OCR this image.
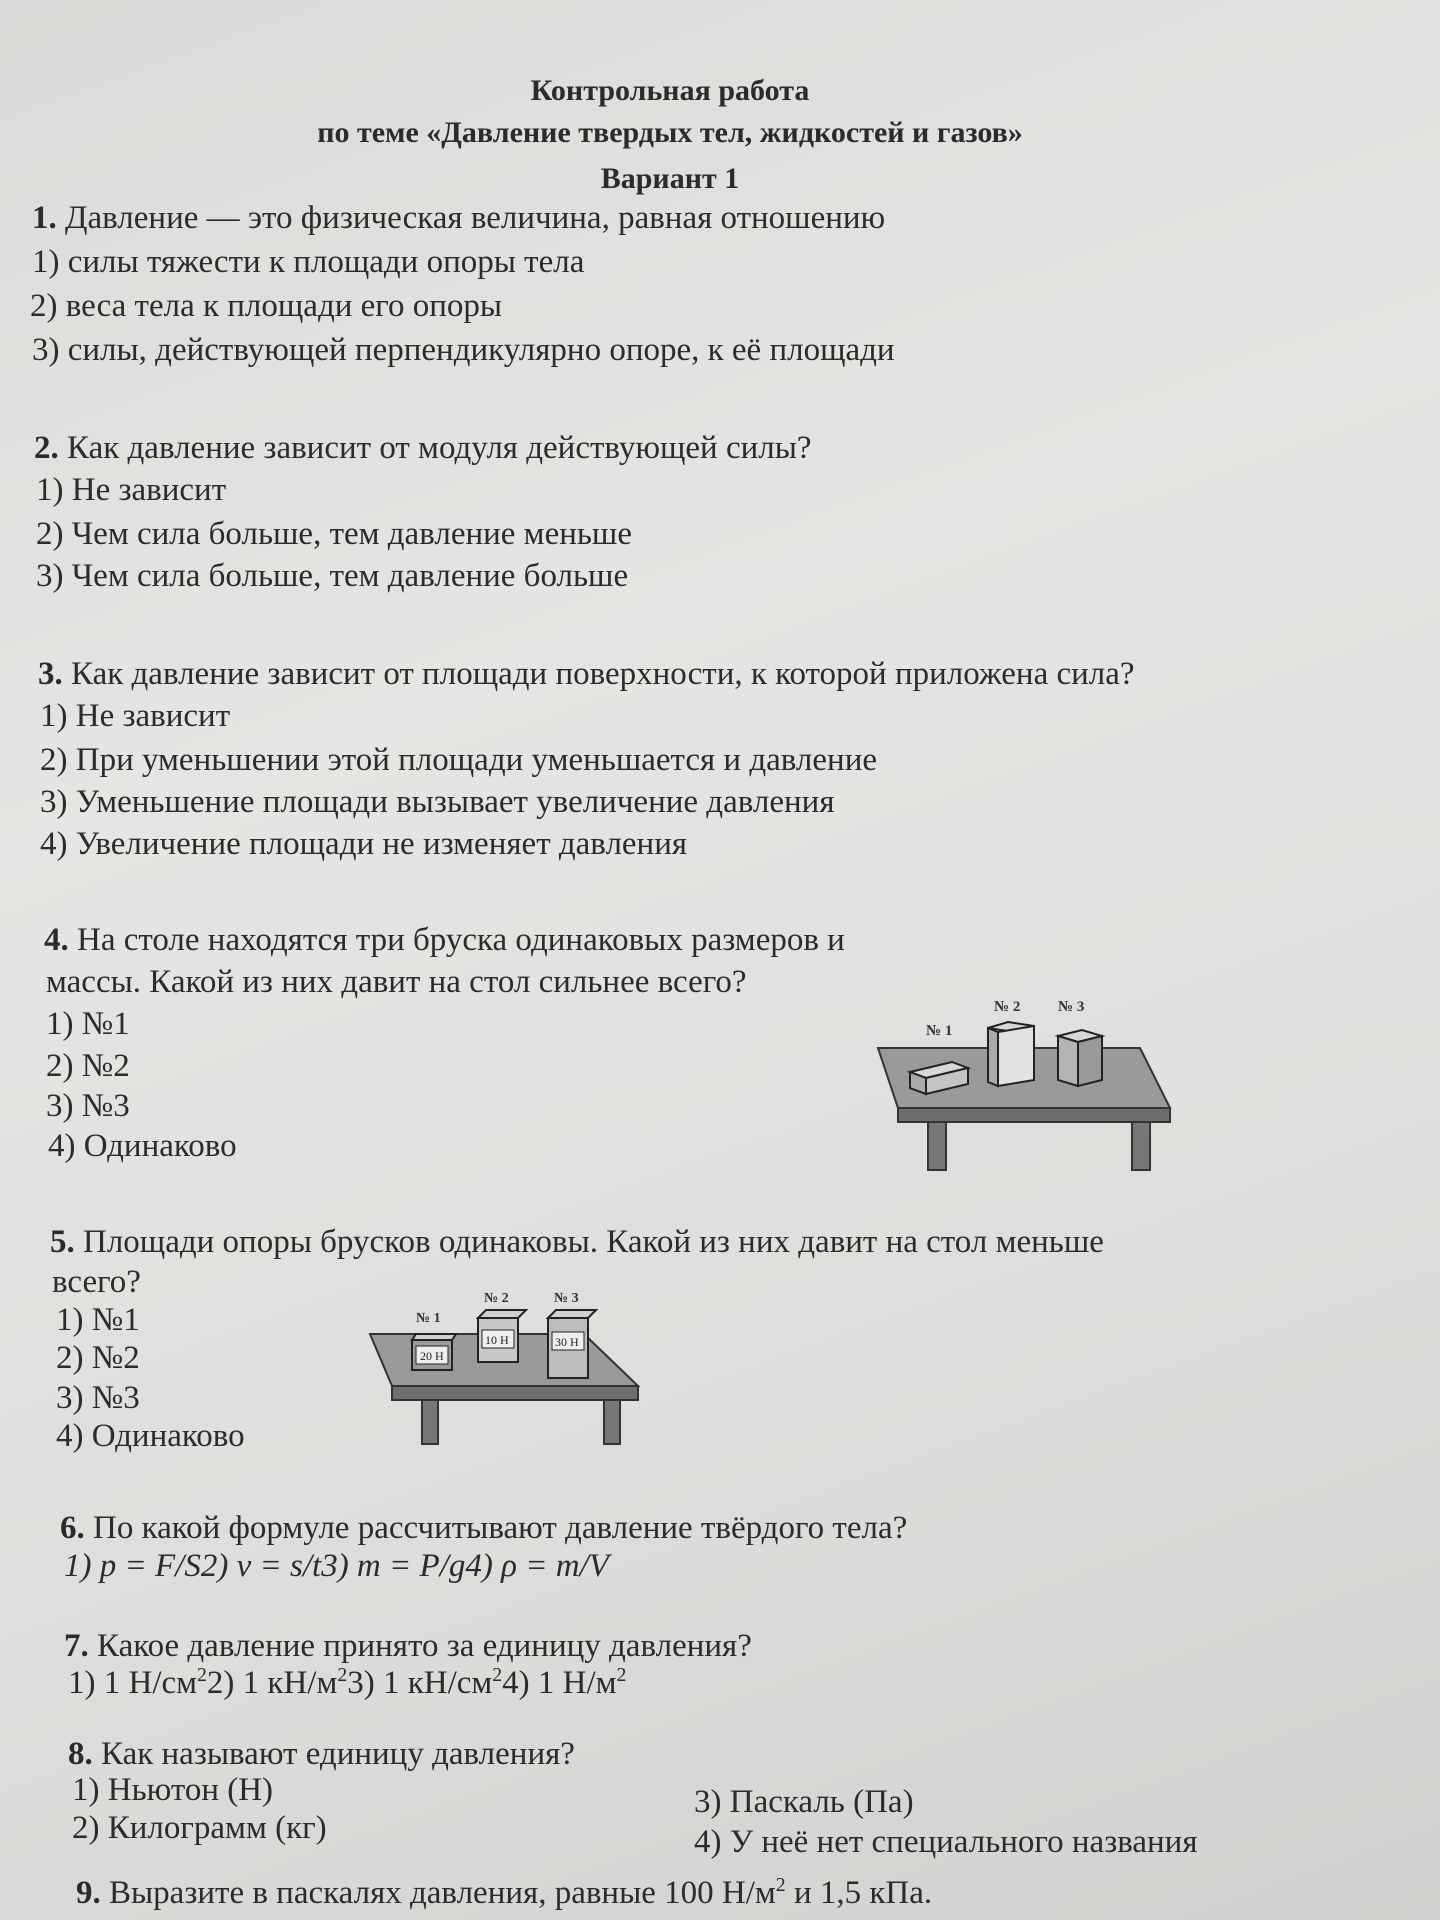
Контрольная работа
по теме «Давление твердых тел, жидкостей и газов»
Вариант 1
1. Давление — это физическая величина, равная отношению
1) силы тяжести к площади опоры тела
2) веса тела к площади его опоры
3) силы, действующей перпендикулярно опоре, к её площади
2. Как давление зависит от модуля действующей силы?
1) Не зависит
2) Чем сила больше, тем давление меньше
3) Чем сила больше, тем давление больше
3. Как давление зависит от площади поверхности, к которой приложена сила?
1) Не зависит
2) При уменьшении этой площади уменьшается и давление
3) Уменьшение площади вызывает увеличение давления
4) Увеличение площади не изменяет давления
4. На столе находятся три бруска одинаковых размеров и
массы. Какой из них давит на стол сильнее всего?
1) №1
2) №2
3) №3
4) Одинаково
№ 1
№ 2	№ 3
5. Площади опоры брусков одинаковы. Какой из них давит на стол меньше
всего?
1) №1
2) №2
3) №3
4) Одинаково
№ 1
№ 2	№ 3
20 Н
10 Н	30 Н
6. По какой формуле рассчитывают давление твёрдого тела?
1) p = F/S2) v = s/t3) m = P/g4) ρ = m/V
7. Какое давление принято за единицу давления?
1) 1 $Н/см^22$) 1 $кН/м^23$) 1 $кН/см^24$) 1 $Н/м^2$
8. Как называют единицу давления?
1) Ньютон (Н)
2) Килограмм (кг)
3) Паскаль (Па)
4) У неё нет специального названия
9. Выразите в паскалях давления, равные 100 $Н/м^2$ и 1,5 кПа.
